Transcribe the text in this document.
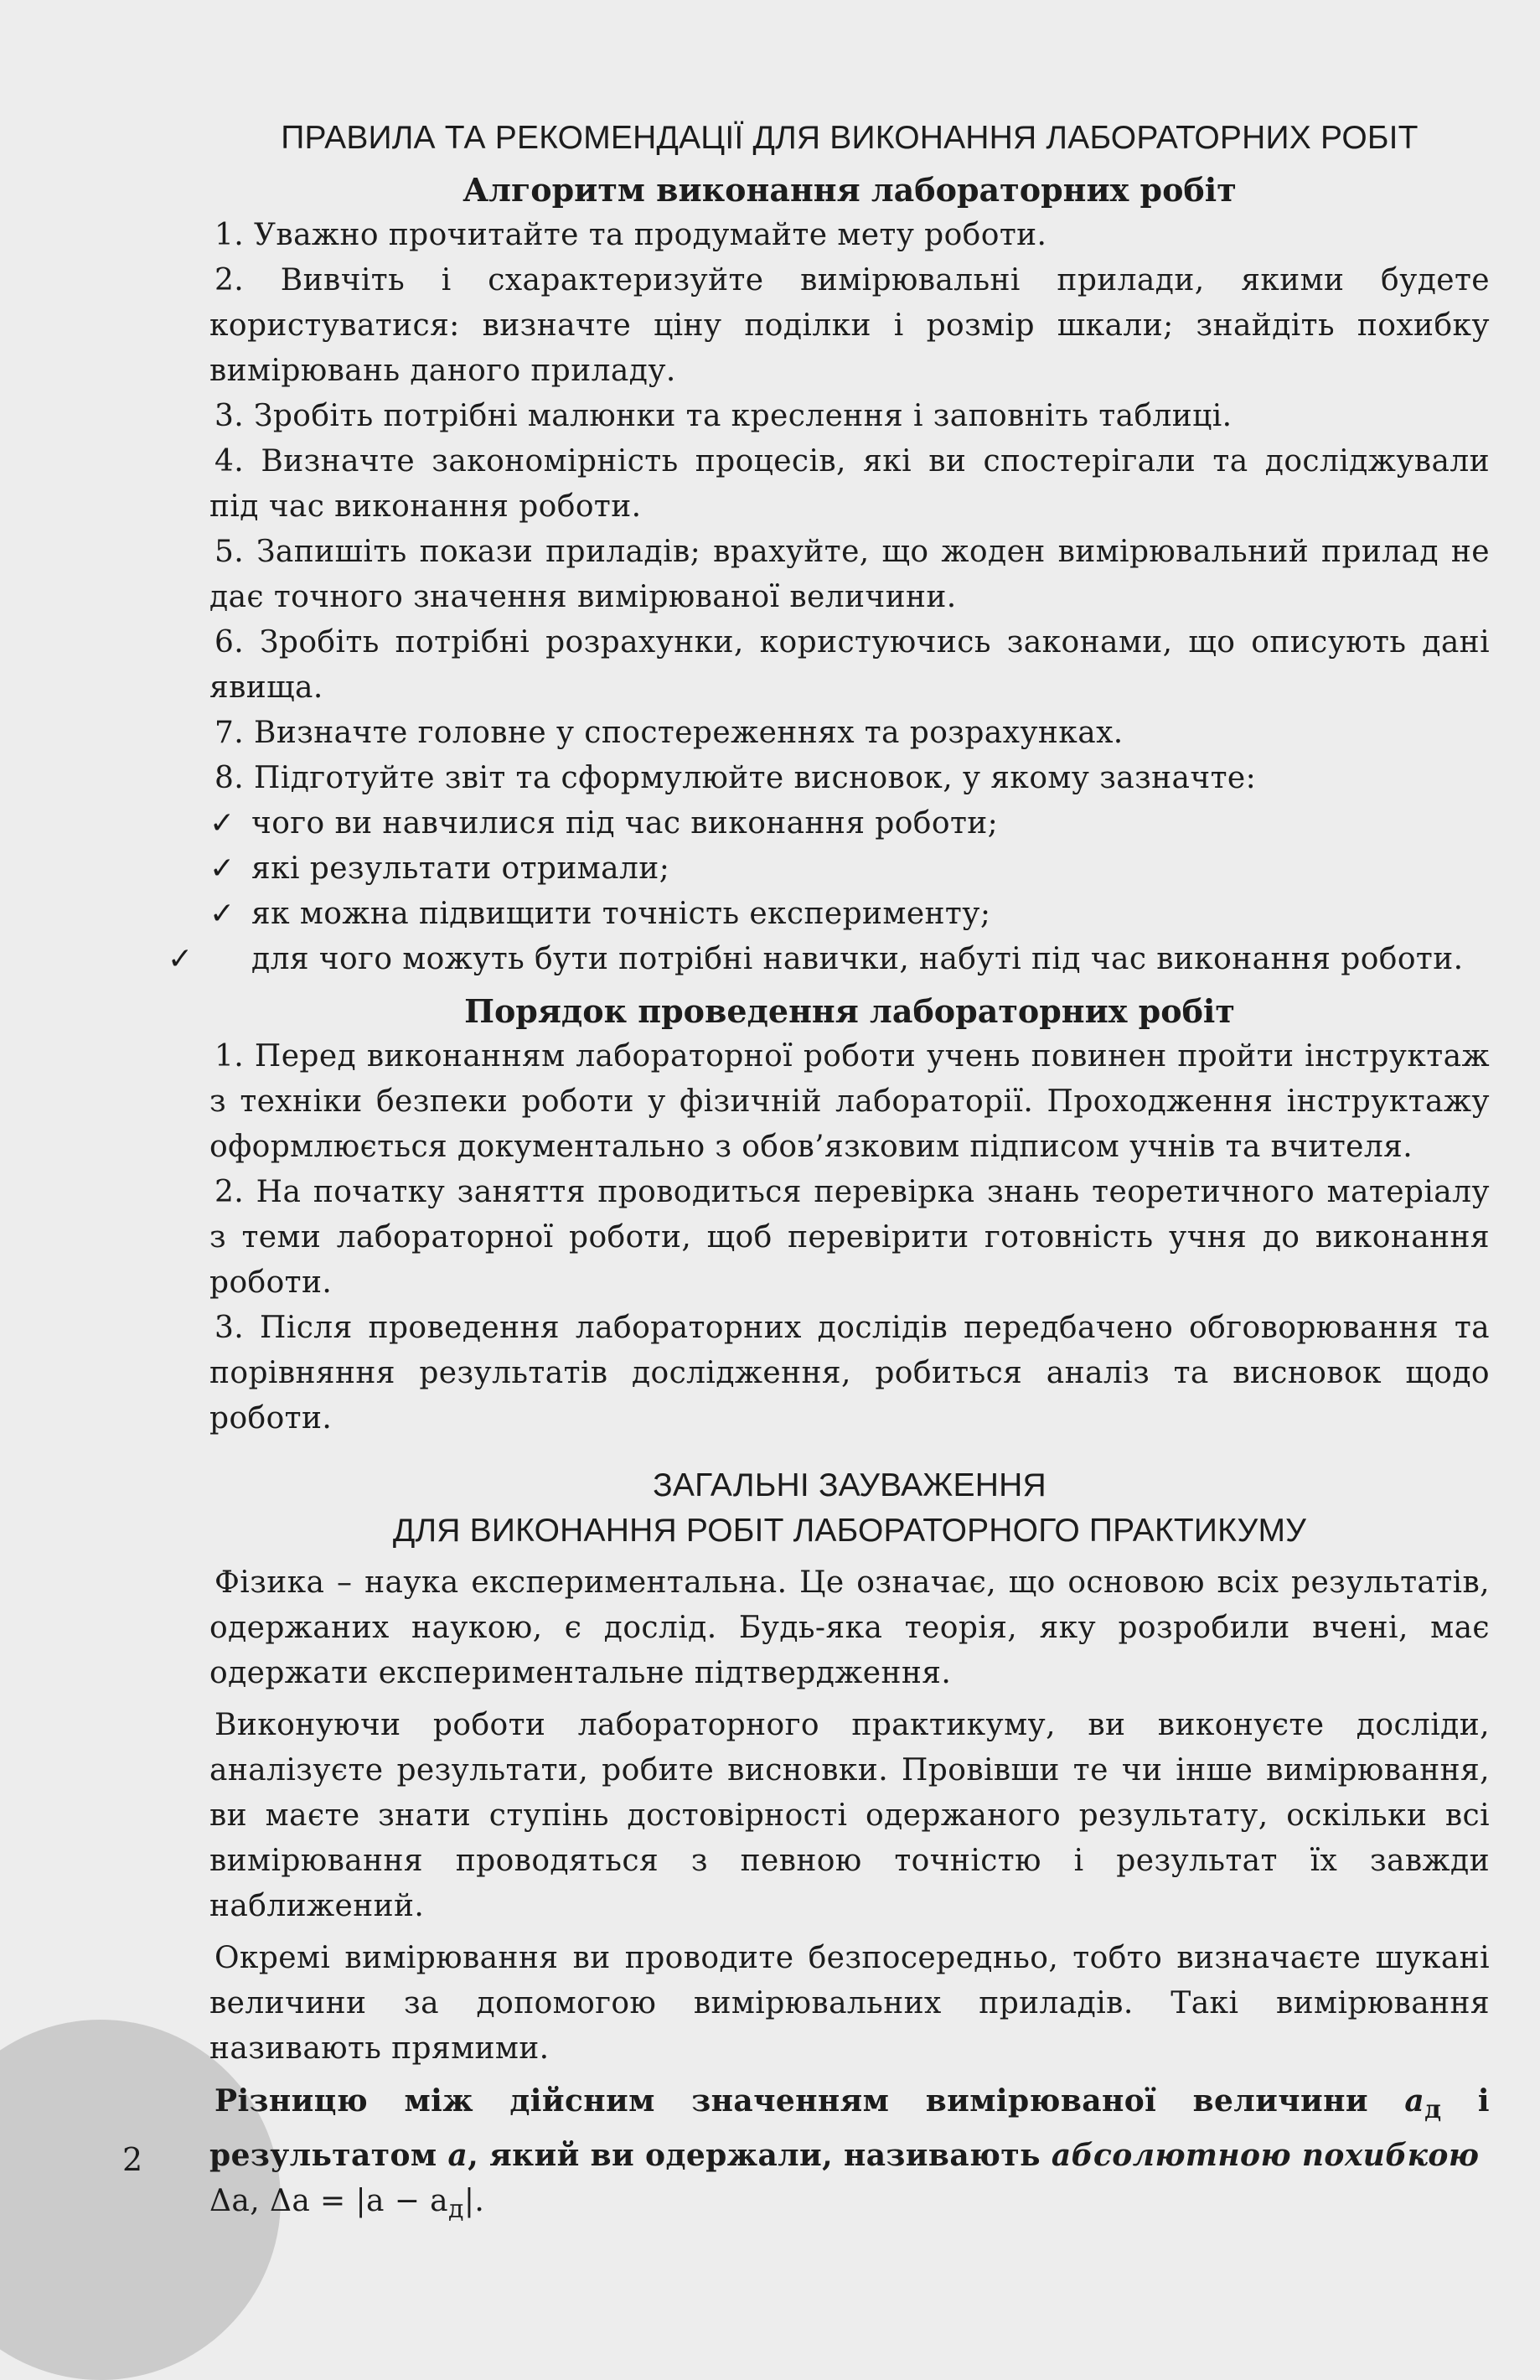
2
ПРАВИЛА ТА РЕКОМЕНДАЦІЇ ДЛЯ ВИКОНАННЯ ЛАБОРАТОРНИХ РОБІТ
Алгоритм виконання лабораторних робіт

1. Уважно прочитайте та продумайте мету роботи.

2. Вивчіть і схарактеризуйте вимірювальні прилади, якими будете користуватися: визначте ціну поділки і розмір шкали; знайдіть похибку вимірювань даного приладу.

3. Зробіть потрібні малюнки та креслення і заповніть таблиці.

4. Визначте закономірність процесів, які ви спостерігали та досліджували під час виконання роботи.

5. Запишіть покази приладів; врахуйте, що жоден вимірювальний прилад не дає точного значення вимірюваної величини.

6. Зробіть потрібні розрахунки, користуючись законами, що описують дані явища.

7. Визначте головне у спостереженнях та розрахунках.

8. Підготуйте звіт та сформулюйте висновок, у якому зазначте:

✓ чого ви навчилися під час виконання роботи;
✓ які результати отримали;
✓ як можна підвищити точність експерименту;
✓ для чого можуть бути потрібні навички, набуті під час виконання роботи.
Порядок проведення лабораторних робіт

1. Перед виконанням лабораторної роботи учень повинен пройти інструктаж з техніки безпеки роботи у фізичній лабораторії. Проходження інструктажу оформлюється документально з обов’язковим підписом учнів та вчителя.

2. На початку заняття проводиться перевірка знань теоретичного матеріалу з теми лабораторної роботи, щоб перевірити готовність учня до виконання роботи.

3. Після проведення лабораторних дослідів передбачено обговорювання та порівняння результатів дослідження, робиться аналіз та висновок щодо роботи.

ЗАГАЛЬНІ ЗАУВАЖЕННЯ
ДЛЯ ВИКОНАННЯ РОБІТ ЛАБОРАТОРНОГО ПРАКТИКУМУ

Фізика – наука експериментальна. Це означає, що основою всіх результатів, одержаних наукою, є дослід. Будь-яка теорія, яку розробили вчені, має одержати експериментальне підтвердження.

Виконуючи роботи лабораторного практикуму, ви виконуєте досліди, аналізуєте результати, робите висновки. Провівши те чи інше вимірювання, ви маєте знати ступінь достовірності одержаного результату, оскільки всі вимірювання проводяться з певною точністю і результат їх завжди наближений.

Окремі вимірювання ви проводите безпосередньо, тобто визначаєте шукані величини за допомогою вимірювальних приладів. Такі вимірювання називають прямими.

Різницю між дійсним значенням вимірюваної величини $a_д$ і результатом a, який ви одержали, називають абсолютною похибкою
Δa, $\Delta a = |a - a_д|$.
